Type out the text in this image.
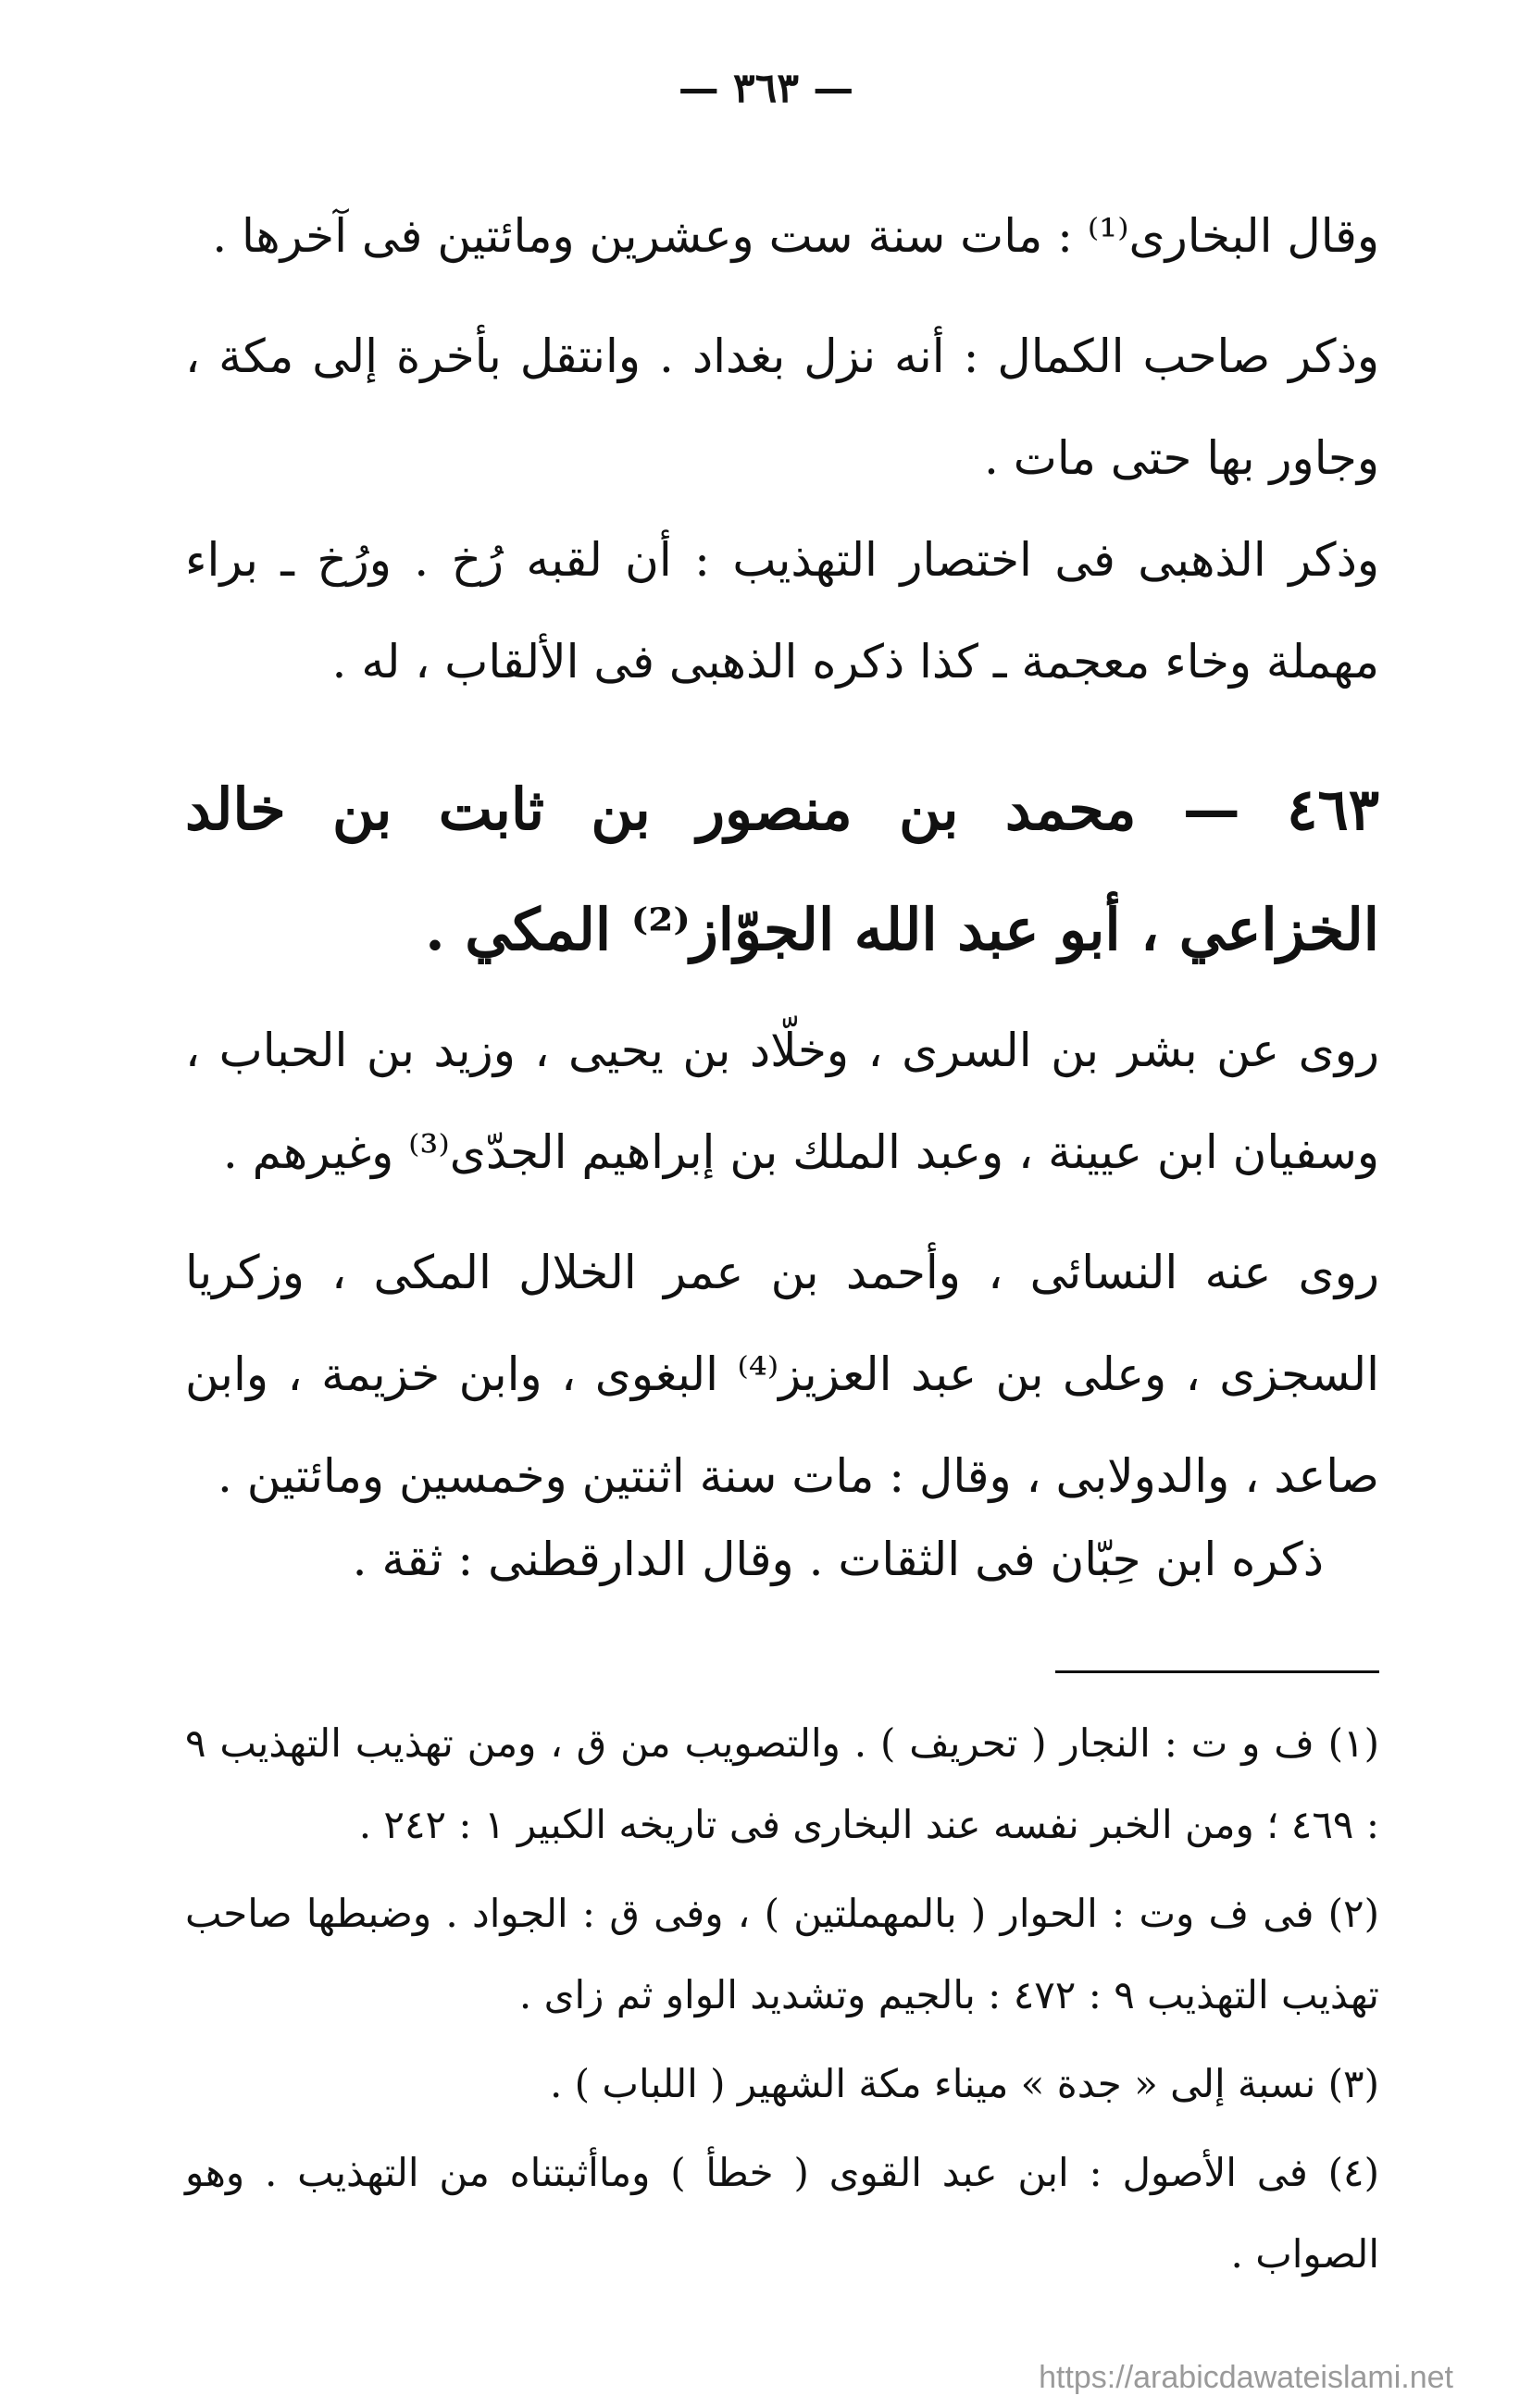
— ٣٦٣ —

وقال البخارى⁽¹⁾ : مات سنة ست وعشرين ومائتين فى آخرها .

وذكر صاحب الكمال : أنه نزل بغداد . وانتقل بأخرة إلى مكة ، وجاور بها حتى مات .

وذكر الذهبى فى اختصار التهذيب : أن لقبه رُخ . ورُخ ـ براء مهملة وخاء معجمة ـ كذا ذكره الذهبى فى الألقاب ، له .

٤٦٣ — محمد بن منصور بن ثابت بن خالد الخزاعي ، أبو عبد الله الجوّاز⁽²⁾ المكي .

روى عن بشر بن السرى ، وخلّاد بن يحيى ، وزيد بن الحباب ، وسفيان ابن عيينة ، وعبد الملك بن إبراهيم الجدّى⁽³⁾ وغيرهم .

روى عنه النسائى ، وأحمد بن عمر الخلال المكى ، وزكريا السجزى ، وعلى بن عبد العزيز⁽⁴⁾ البغوى ، وابن خزيمة ، وابن صاعد ، والدولابى ، وقال : مات سنة اثنتين وخمسين ومائتين .

ذكره ابن حِبّان فى الثقات . وقال الدارقطنى : ثقة .

(١) ف و ت : النجار ( تحريف ) . والتصويب من ق ، ومن تهذيب التهذيب ٩ : ٤٦٩ ؛ ومن الخبر نفسه عند البخارى فى تاريخه الكبير ١ : ٢٤٢ .

(٢) فى ف وت : الحوار ( بالمهملتين ) ، وفى ق : الجواد . وضبطها صاحب تهذيب التهذيب ٩ : ٤٧٢ : بالجيم وتشديد الواو ثم زاى .

(٣) نسبة إلى « جدة » ميناء مكة الشهير ( اللباب ) .

(٤) فى الأصول : ابن عبد القوى ( خطأ ) وماأثبتناه من التهذيب . وهو الصواب .

https://arabicdawateislami.net
